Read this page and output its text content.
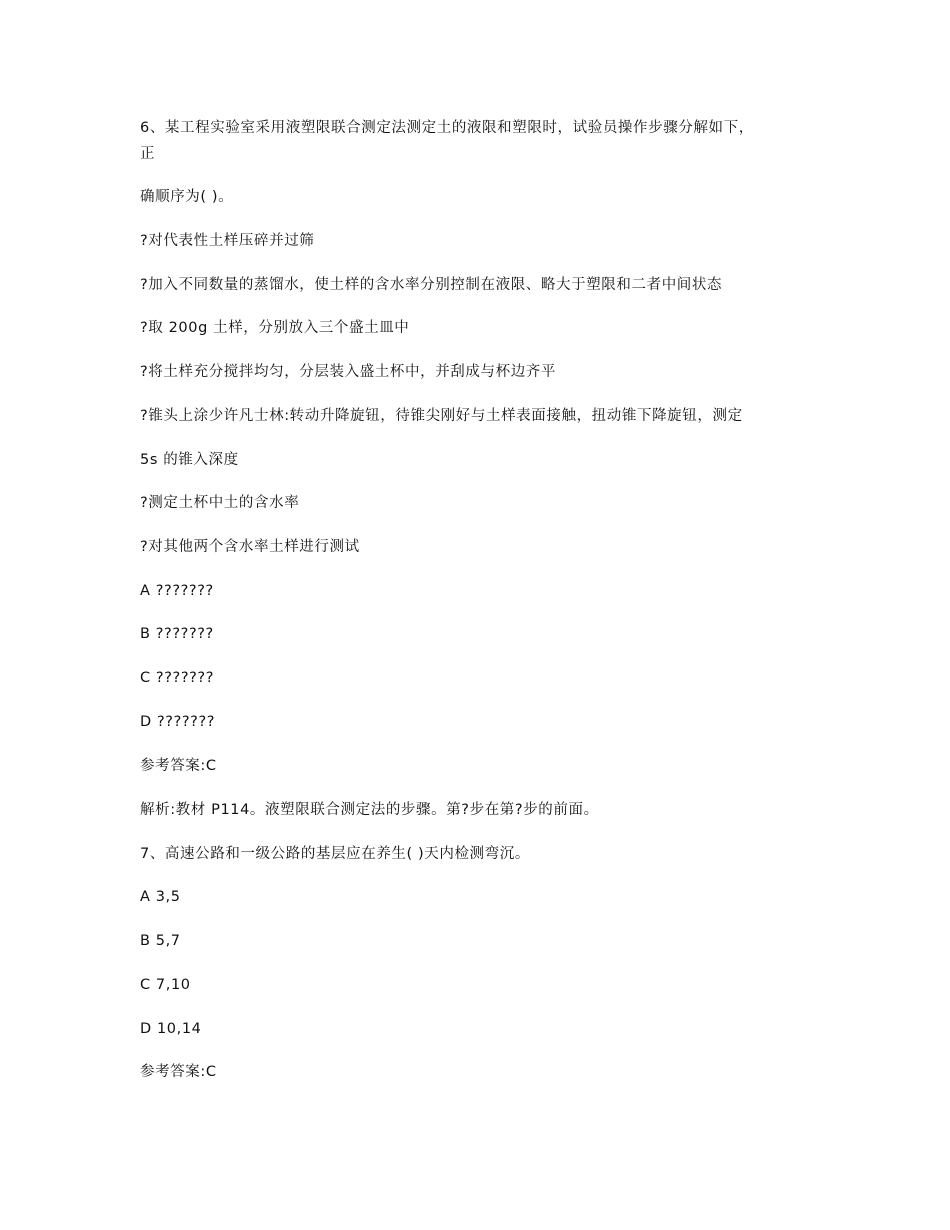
6、某工程实验室采用液塑限联合测定法测定土的液限和塑限时，试验员操作步骤分解如下，
正
确顺序为( )。
?对代表性土样压碎并过筛
?加入不同数量的蒸馏水，使土样的含水率分别控制在液限、略大于塑限和二者中间状态
?取 200g 土样，分别放入三个盛土皿中
?将土样充分搅拌均匀，分层装入盛土杯中，并刮成与杯边齐平
?锥头上涂少许凡士林:转动升降旋钮，待锥尖刚好与土样表面接触，扭动锥下降旋钮，测定
5s 的锥入深度
?测定土杯中土的含水率
?对其他两个含水率土样进行测试
A ???????
B ???????
C ???????
D ???????
参考答案:C
解析:教材 P114。液塑限联合测定法的步骤。第?步在第?步的前面。
7、高速公路和一级公路的基层应在养生( )天内检测弯沉。
A 3,5
B 5,7
C 7,10
D 10,14
参考答案:C
